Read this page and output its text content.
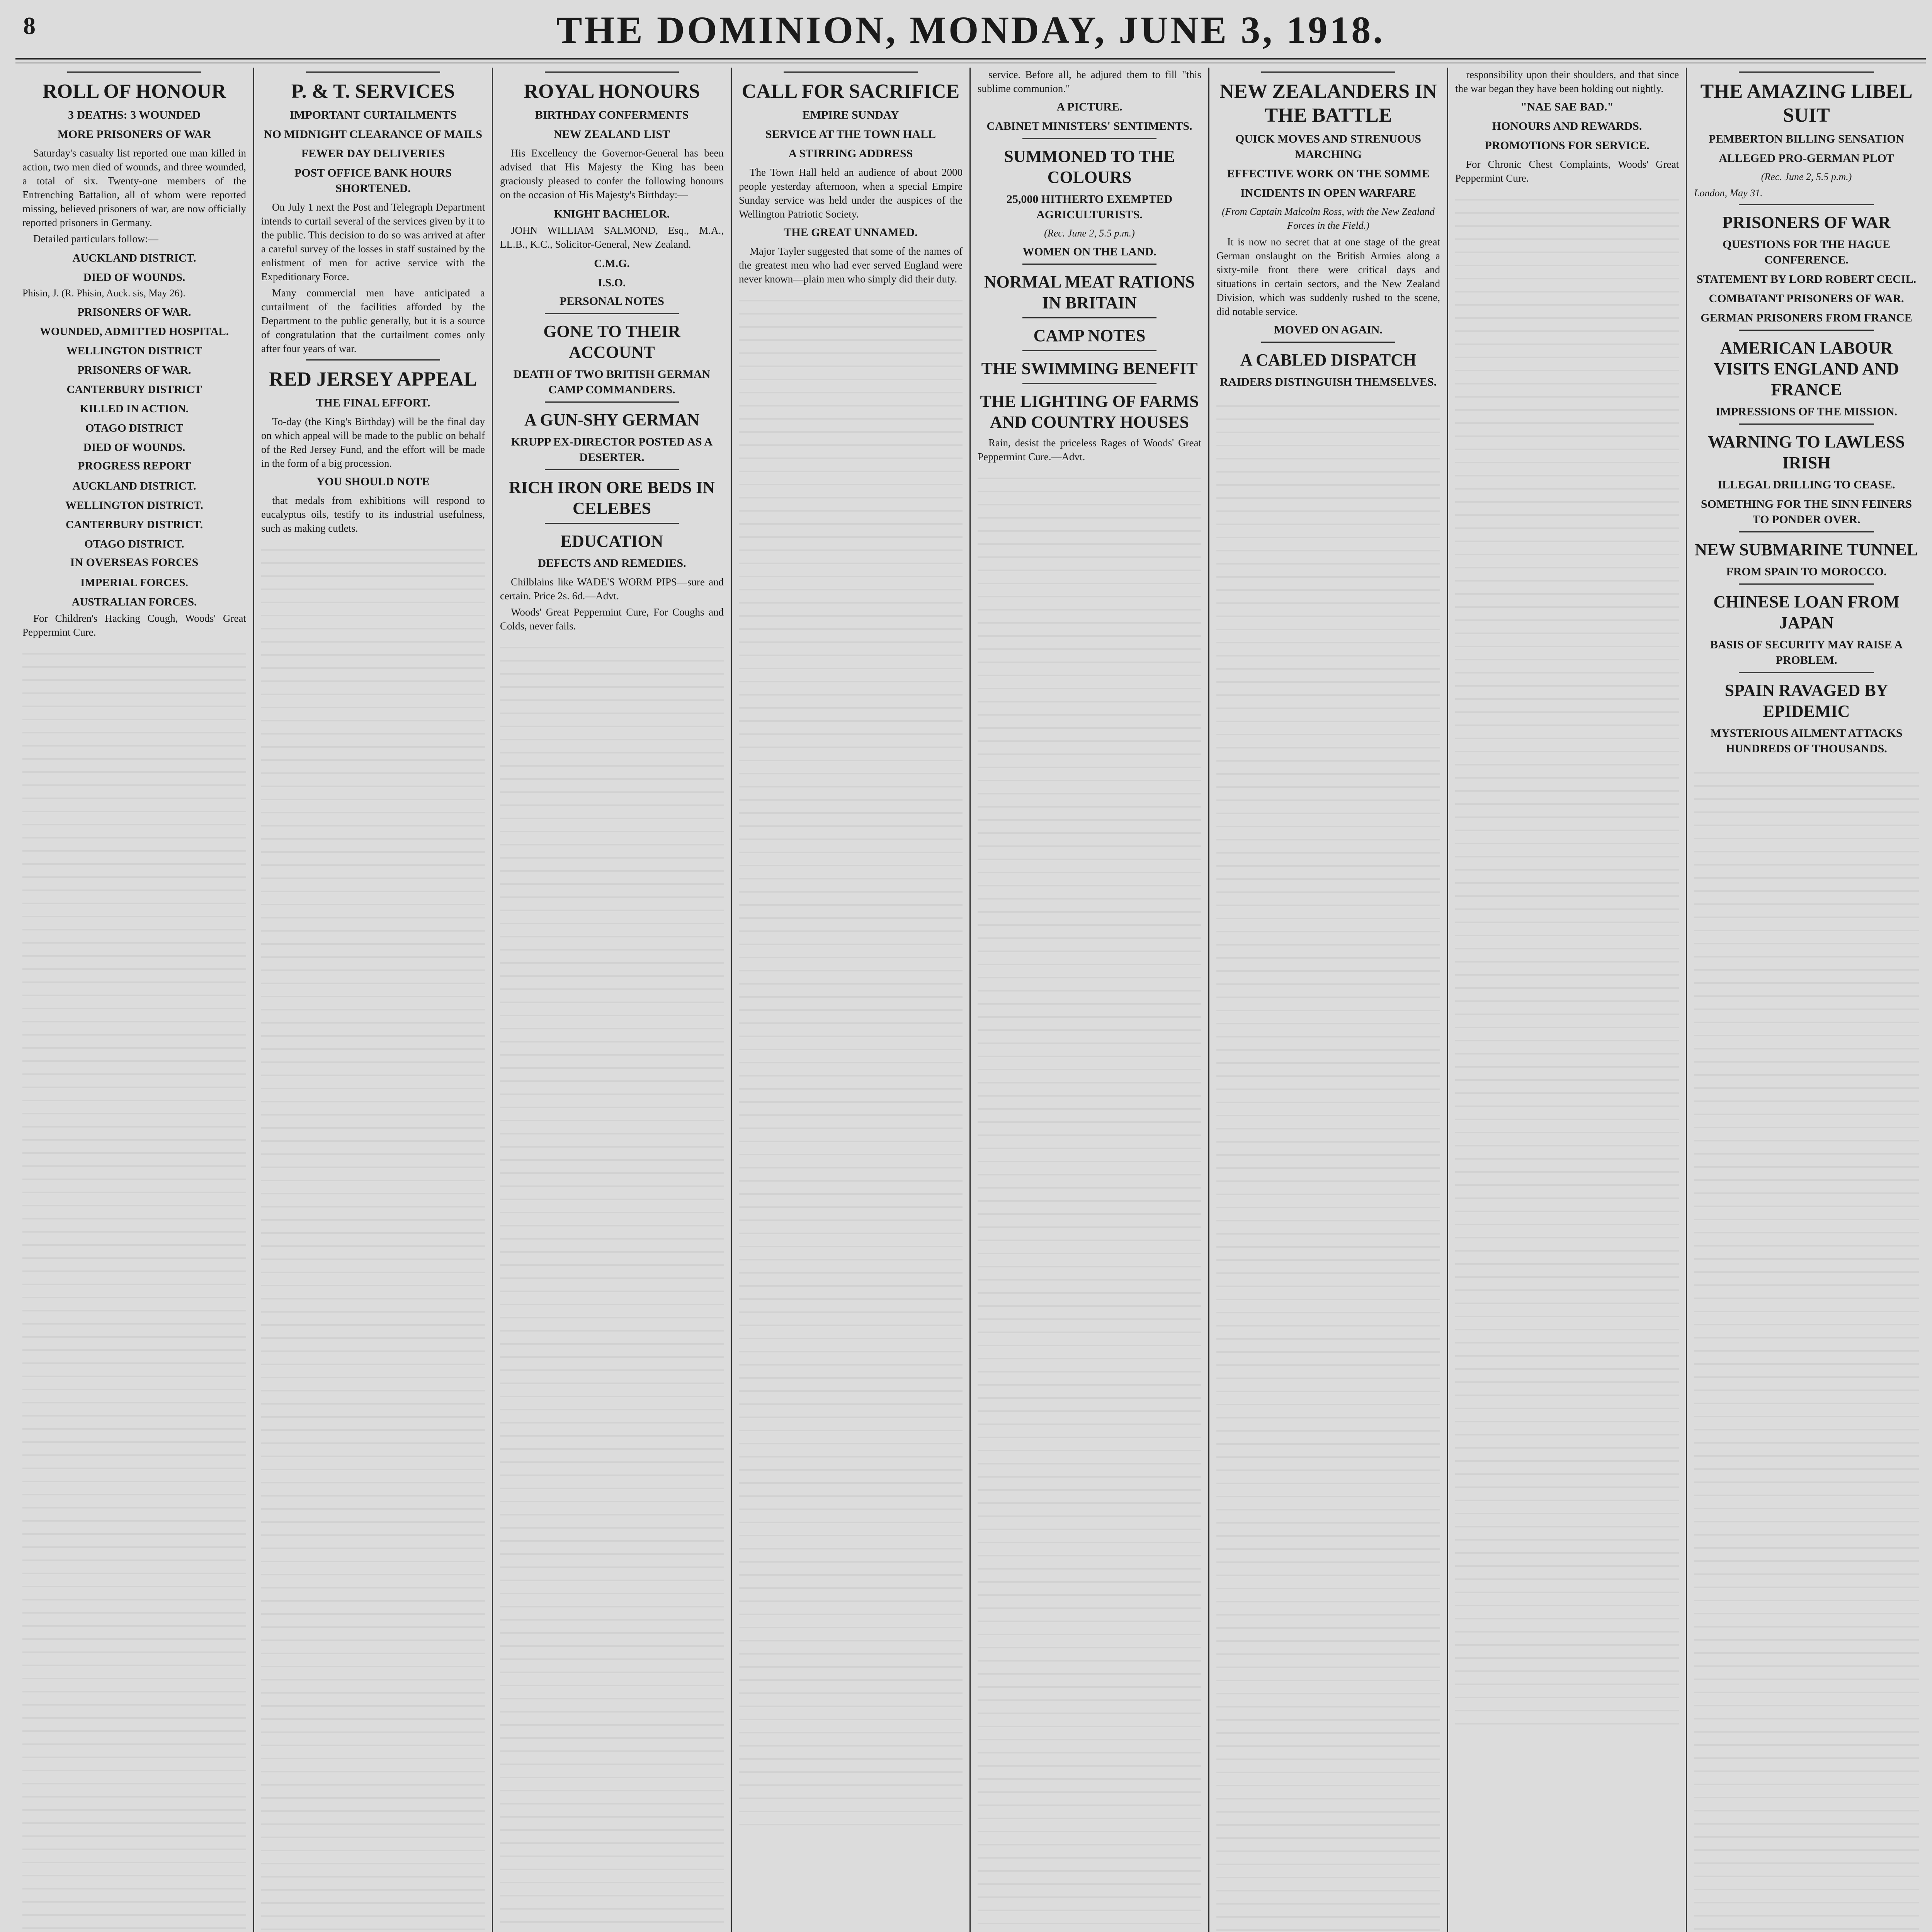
8	THE DOMINION, MONDAY, JUNE 3, 1918.
ROLL OF HONOUR
3 DEATHS: 3 WOUNDED
MORE PRISONERS OF WAR

Saturday's casualty list reported one man killed in action, two men died of wounds, and three wounded, a total of six. Twenty-one members of the Entrenching Battalion, all of whom were reported missing, believed prisoners of war, are now officially reported prisoners in Germany.

Detailed particulars follow:—

AUCKLAND DISTRICT.
DIED OF WOUNDS.

Phisin, J. (R. Phisin, Auck. sis, May 26).

PRISONERS OF WAR.
WOUNDED, ADMITTED HOSPITAL.
WELLINGTON DISTRICT
PRISONERS OF WAR.
CANTERBURY DISTRICT
KILLED IN ACTION.
OTAGO DISTRICT
DIED OF WOUNDS.
PROGRESS REPORT
AUCKLAND DISTRICT.
WELLINGTON DISTRICT.
CANTERBURY DISTRICT.
OTAGO DISTRICT.
IN OVERSEAS FORCES
IMPERIAL FORCES.
AUSTRALIAN FORCES.

For Children's Hacking Cough, Woods' Great Peppermint Cure.

P. & T. SERVICES
IMPORTANT CURTAILMENTS
NO MIDNIGHT CLEARANCE OF MAILS
FEWER DAY DELIVERIES
POST OFFICE BANK HOURS SHORTENED.

On July 1 next the Post and Telegraph Department intends to curtail several of the services given by it to the public. This decision to do so was arrived at after a careful survey of the losses in staff sustained by the enlistment of men for active service with the Expeditionary Force.

Many commercial men have anticipated a curtailment of the facilities afforded by the Department to the public generally, but it is a source of congratulation that the curtailment comes only after four years of war.

RED JERSEY APPEAL
THE FINAL EFFORT.

To-day (the King's Birthday) will be the final day on which appeal will be made to the public on behalf of the Red Jersey Fund, and the effort will be made in the form of a big procession.

YOU SHOULD NOTE

that medals from exhibitions will respond to eucalyptus oils, testify to its industrial usefulness, such as making cutlets.

ROYAL HONOURS
BIRTHDAY CONFERMENTS
NEW ZEALAND LIST

His Excellency the Governor-General has been advised that His Majesty the King has been graciously pleased to confer the following honours on the occasion of His Majesty's Birthday:—

KNIGHT BACHELOR.

JOHN WILLIAM SALMOND, Esq., M.A., LL.B., K.C., Solicitor-General, New Zealand.

C.M.G.
I.S.O.
PERSONAL NOTES
GONE TO THEIR ACCOUNT
DEATH OF TWO BRITISH GERMAN CAMP COMMANDERS.
A GUN-SHY GERMAN
KRUPP EX-DIRECTOR POSTED AS A DESERTER.
RICH IRON ORE BEDS IN CELEBES
EDUCATION
DEFECTS AND REMEDIES.

Chilblains like WADE'S WORM PIPS—sure and certain. Price 2s. 6d.—Advt.

Woods' Great Peppermint Cure, For Coughs and Colds, never fails.

CALL FOR SACRIFICE
EMPIRE SUNDAY
SERVICE AT THE TOWN HALL
A STIRRING ADDRESS

The Town Hall held an audience of about 2000 people yesterday afternoon, when a special Empire Sunday service was held under the auspices of the Wellington Patriotic Society.

THE GREAT UNNAMED.

Major Tayler suggested that some of the names of the greatest men who had ever served England were never known—plain men who simply did their duty.

service. Before all, he adjured them to fill "this sublime communion."

A PICTURE.
CABINET MINISTERS' SENTIMENTS.
SUMMONED TO THE COLOURS
25,000 HITHERTO EXEMPTED AGRICULTURISTS.
(Rec. June 2, 5.5 p.m.)
WOMEN ON THE LAND.
NORMAL MEAT RATIONS IN BRITAIN
CAMP NOTES
THE SWIMMING BENEFIT
THE LIGHTING OF FARMS AND COUNTRY HOUSES

Rain, desist the priceless Rages of Woods' Great Peppermint Cure.—Advt.

NEW ZEALANDERS IN THE BATTLE
QUICK MOVES AND STRENUOUS MARCHING
EFFECTIVE WORK ON THE SOMME
INCIDENTS IN OPEN WARFARE
(From Captain Malcolm Ross, with the New Zealand Forces in the Field.)

It is now no secret that at one stage of the great German onslaught on the British Armies along a sixty-mile front there were critical days and situations in certain sectors, and the New Zealand Division, which was suddenly rushed to the scene, did notable service.

MOVED ON AGAIN.
A CABLED DISPATCH
RAIDERS DISTINGUISH THEMSELVES.

responsibility upon their shoulders, and that since the war began they have been holding out nightly.

"NAE SAE BAD."
HONOURS AND REWARDS.
PROMOTIONS FOR SERVICE.

For Chronic Chest Complaints, Woods' Great Peppermint Cure.

THE AMAZING LIBEL SUIT
PEMBERTON BILLING SENSATION
ALLEGED PRO-GERMAN PLOT
(Rec. June 2, 5.5 p.m.)
London, May 31.
PRISONERS OF WAR
QUESTIONS FOR THE HAGUE CONFERENCE.
STATEMENT BY LORD ROBERT CECIL.
COMBATANT PRISONERS OF WAR.
GERMAN PRISONERS FROM FRANCE
AMERICAN LABOUR VISITS ENGLAND AND FRANCE
IMPRESSIONS OF THE MISSION.
WARNING TO LAWLESS IRISH
ILLEGAL DRILLING TO CEASE.
SOMETHING FOR THE SINN FEINERS TO PONDER OVER.
NEW SUBMARINE TUNNEL
FROM SPAIN TO MOROCCO.
CHINESE LOAN FROM JAPAN
BASIS OF SECURITY MAY RAISE A PROBLEM.
SPAIN RAVAGED BY EPIDEMIC
MYSTERIOUS AILMENT ATTACKS HUNDREDS OF THOUSANDS.
